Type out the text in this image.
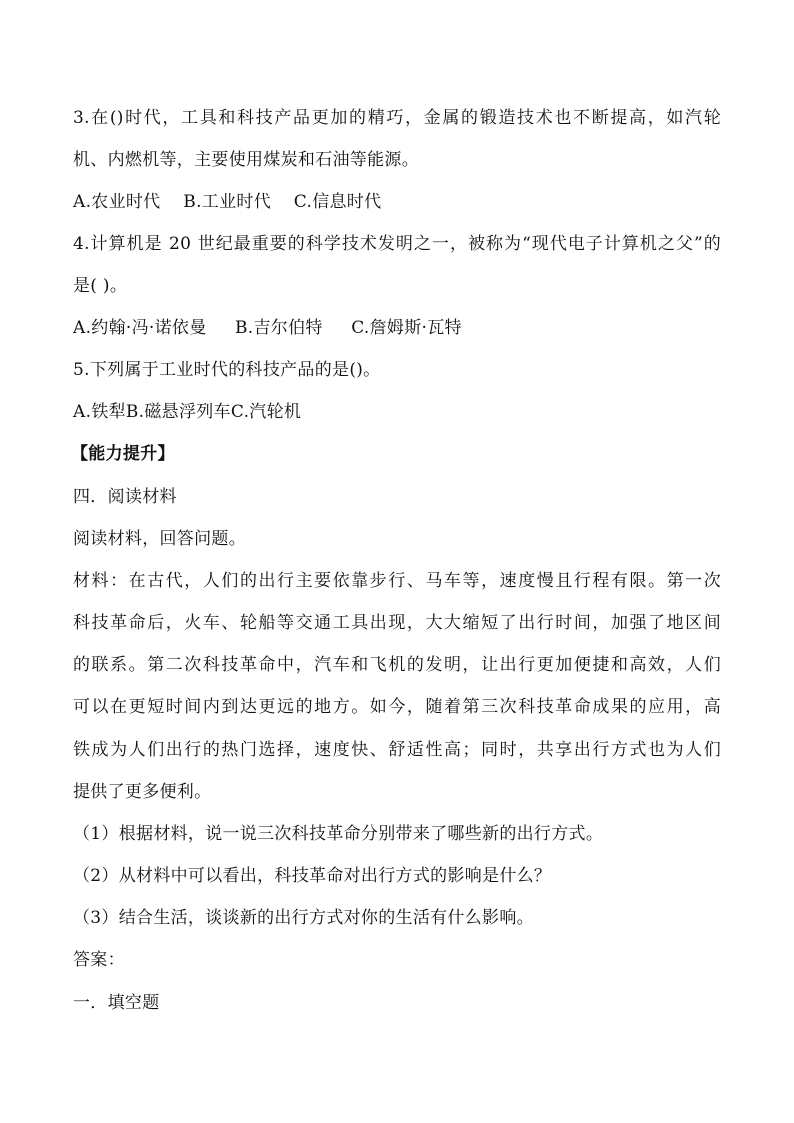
3.在()时代，工具和科技产品更加的精巧，金属的锻造技术也不断提高，如汽轮
机、内燃机等，主要使用煤炭和石油等能源。
A.农业时代    B.工业时代    C.信息时代
4.计算机是 20 世纪最重要的科学技术发明之一，被称为“现代电子计算机之父”的
是( )。
A.约翰·冯·诺依曼     B.吉尔伯特     C.詹姆斯·瓦特
5.下列属于工业时代的科技产品的是()。
A.铁犁B.磁悬浮列车C.汽轮机
【能力提升】
四．阅读材料
阅读材料，回答问题。
材料：在古代，人们的出行主要依靠步行、马车等，速度慢且行程有限。第一次
科技革命后，火车、轮船等交通工具出现，大大缩短了出行时间，加强了地区间
的联系。第二次科技革命中，汽车和飞机的发明，让出行更加便捷和高效，人们
可以在更短时间内到达更远的地方。如今，随着第三次科技革命成果的应用，高
铁成为人们出行的热门选择，速度快、舒适性高；同时，共享出行方式也为人们
提供了更多便利。
（1）根据材料，说一说三次科技革命分别带来了哪些新的出行方式。
（2）从材料中可以看出，科技革命对出行方式的影响是什么？
（3）结合生活，谈谈新的出行方式对你的生活有什么影响。
答案：
一．填空题
